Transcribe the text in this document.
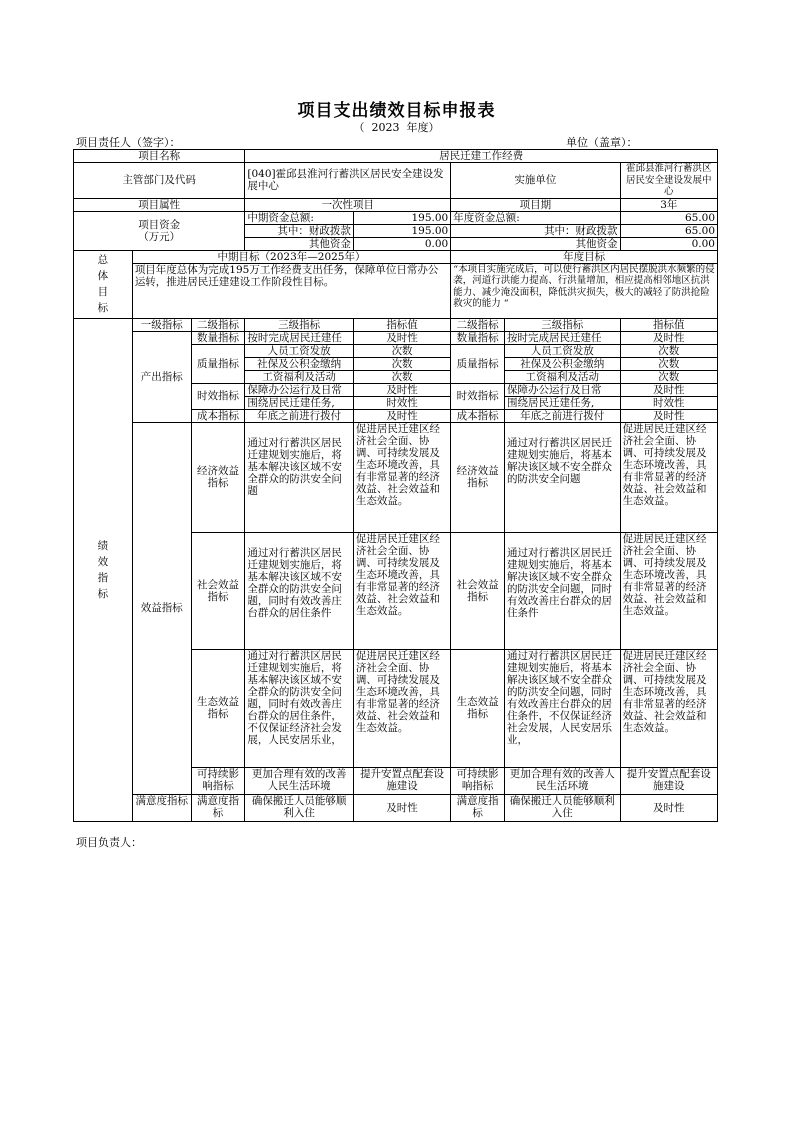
项目支出绩效目标申报表
（  2023  年度）
项目责任人（签字）：	单位（盖章）：
项目名称			居民迁建工作经费				
主管部门及代码			[040]霍邱县淮河行蓄洪区居民安全建设发展中心		实施单位		霍邱县淮河行蓄洪区居民安全建设发展中心
项目属性			一次性项目		项目期		3年

项目资金
（万元）			中期资金总额:	195.00	年度资金总额:		65.00
			其中：财政拨款	195.00	其中：财政拨款		65.00
			其他资金	0.00	其他资金		0.00

总
体
目
标	中期目标（2023年—2025年）				年度目标		

	项目年度总体为完成195万工作经费支出任务，保障单位日常办公运转，推进居民迁建建设工作阶段性目标。				“本项目实施完成后，可以使行蓄洪区内居民摆脱洪水频繁的侵袭，河道行洪能力提高、行洪量增加，相应提高相邻地区抗洪能力、减少淹没面积，降低洪灾损失，极大的减轻了防洪抢险救灾的能力 “		

绩
效
指
标	一级指标	二级指标	三级指标	指标值	二级指标	三级指标	指标值
	产出指标	数量指标	按时完成居民迁建任	及时性	数量指标	按时完成居民迁建任	及时性
		质量指标	人员工资发放	次数	质量指标	人员工资发放	次数
			社保及公积金缴纳	次数		社保及公积金缴纳	次数
			工资福利及活动	次数		工资福利及活动	次数
		时效指标	保障办公运行及日常	及时性	时效指标	保障办公运行及日常	及时性

			围绕居民迁建任务,	时效性		围绕居民迁建任务,	时效性
		成本指标	年底之前进行拨付	及时性	成本指标	年底之前进行拨付	及时性
	效益指标	经济效益指标	通过对行蓄洪区居民迁建规划实施后，将基本解决该区域不安全群众的防洪安全问题	促进居民迁建区经济社会全面、协调、可持续发展及生态环境改善，具有非常显著的经济效益、社会效益和生态效益。	经济效益指标	通过对行蓄洪区居民迁建规划实施后，将基本解决该区域不安全群众的防洪安全问题	促进居民迁建区经济社会全面、协调、可持续发展及生态环境改善，具有非常显著的经济效益、社会效益和生态效益。

		社会效益指标	通过对行蓄洪区居民迁建规划实施后，将基本解决该区域不安全群众的防洪安全问题，同时有效改善庄台群众的居住条件	促进居民迁建区经济社会全面、协调、可持续发展及生态环境改善，具有非常显著的经济效益、社会效益和生态效益。	社会效益指标	通过对行蓄洪区居民迁建规划实施后，将基本解决该区域不安全群众的防洪安全问题，同时有效改善庄台群众的居住条件	促进居民迁建区经济社会全面、协调、可持续发展及生态环境改善，具有非常显著的经济效益、社会效益和生态效益。

		生态效益指标	通过对行蓄洪区居民迁建规划实施后，将基本解决该区域不安全群众的防洪安全问题，同时有效改善庄台群众的居住条件，不仅保证经济社会发展，人民安居乐业，	促进居民迁建区经济社会全面、协调、可持续发展及生态环境改善，具有非常显著的经济效益、社会效益和生态效益。	生态效益指标	通过对行蓄洪区居民迁建规划实施后，将基本解决该区域不安全群众的防洪安全问题，同时有效改善庄台群众的居住条件，不仅保证经济社会发展，人民安居乐业，	促进居民迁建区经济社会全面、协调、可持续发展及生态环境改善，具有非常显著的经济效益、社会效益和生态效益。

		可持续影响指标	更加合理有效的改善人民生活环境	提升安置点配套设施建设	可持续影响指标	更加合理有效的改善人民生活环境	提升安置点配套设施建设

	满意度指标	满意度指标	确保搬迁人员能够顺利入住	及时性	满意度指标	确保搬迁人员能够顺利入住	及时性
项目负责人：
